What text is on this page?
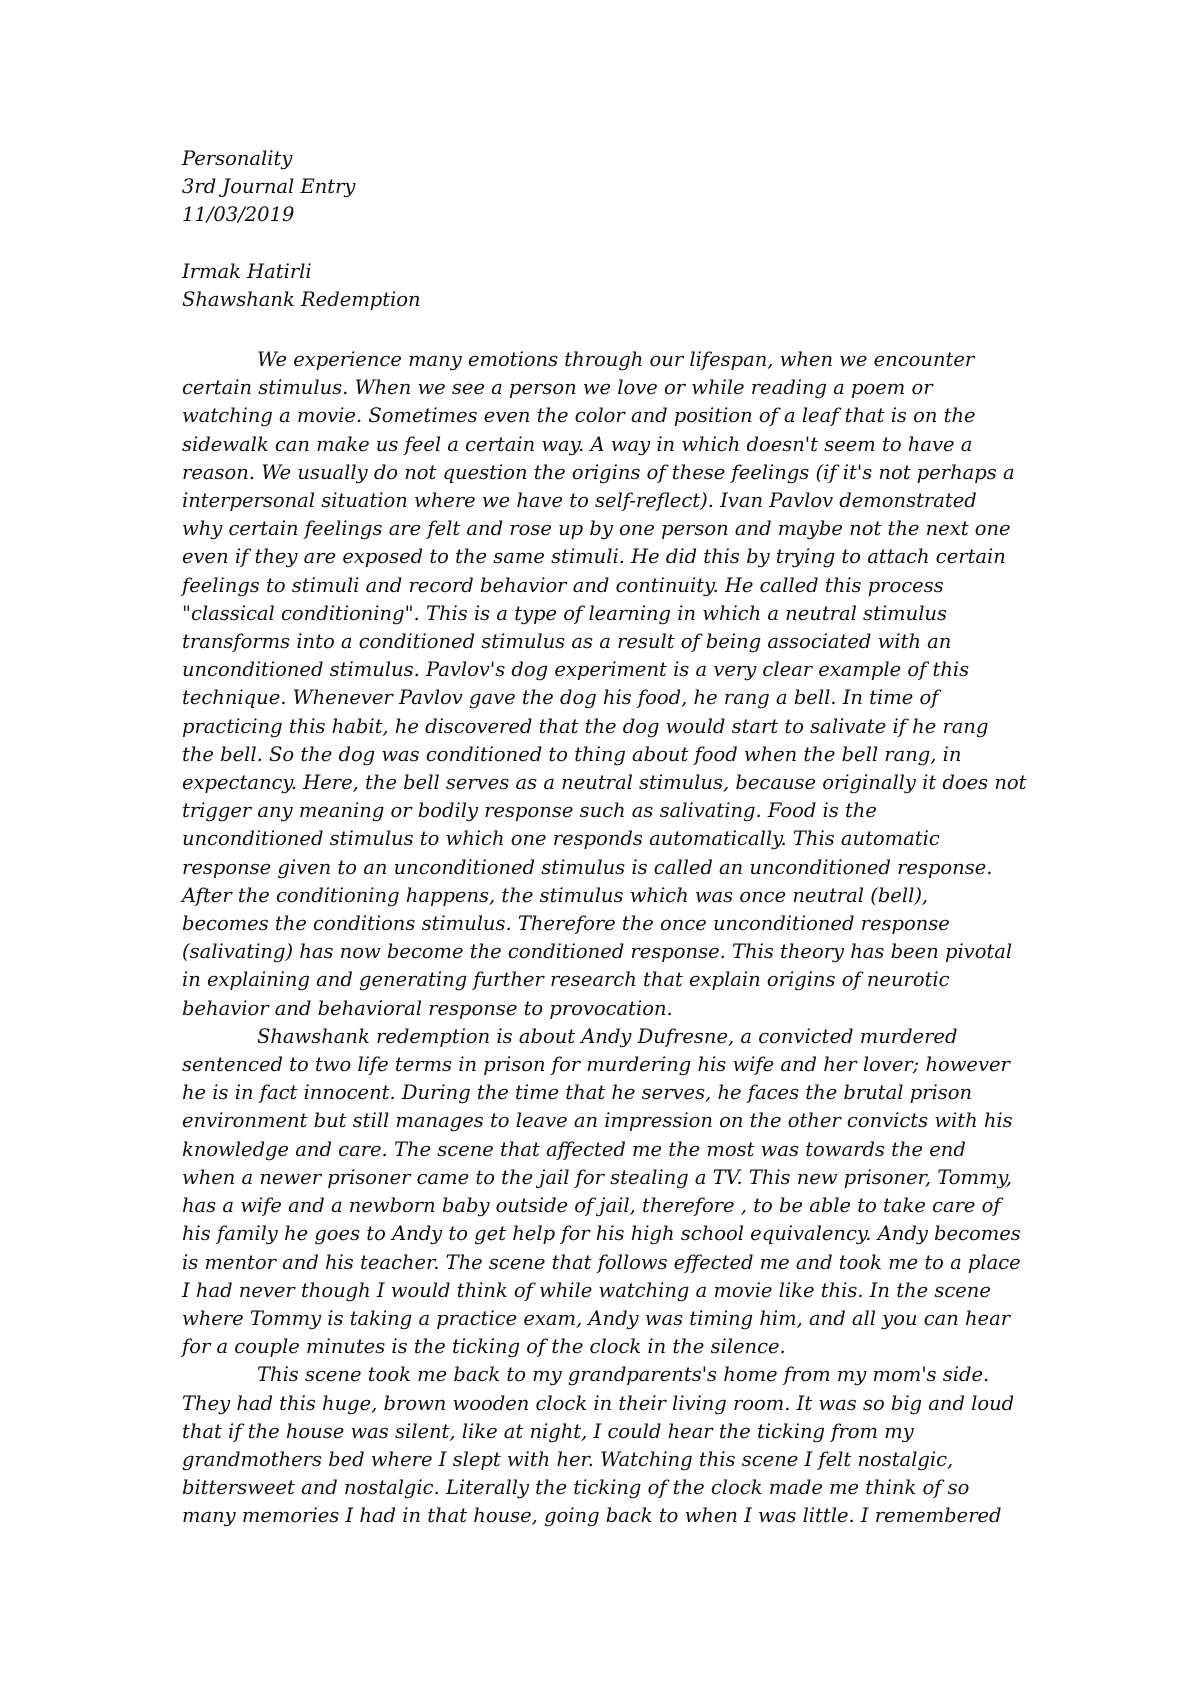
Personality
3rd Journal Entry
11/03/2019
Irmak Hatirli
Shawshank Redemption
We experience many emotions through our lifespan, when we encounter
certain stimulus. When we see a person we love or while reading a poem or
watching a movie. Sometimes even the color and position of a leaf that is on the
sidewalk can make us feel a certain way. A way in which doesn't seem to have a
reason. We usually do not question the origins of these feelings (if it's not perhaps a
interpersonal situation where we have to self-reflect). Ivan Pavlov demonstrated
why certain feelings are felt and rose up by one person and maybe not the next one
even if they are exposed to the same stimuli. He did this by trying to attach certain
feelings to stimuli and record behavior and continuity. He called this process
"classical conditioning". This is a type of learning in which a neutral stimulus
transforms into a conditioned stimulus as a result of being associated with an
unconditioned stimulus. Pavlov's dog experiment is a very clear example of this
technique. Whenever Pavlov gave the dog his food, he rang a bell. In time of
practicing this habit, he discovered that the dog would start to salivate if he rang
the bell. So the dog was conditioned to thing about food when the bell rang, in
expectancy. Here, the bell serves as a neutral stimulus, because originally it does not
trigger any meaning or bodily response such as salivating. Food is the
unconditioned stimulus to which one responds automatically. This automatic
response given to an unconditioned stimulus is called an unconditioned response.
After the conditioning happens, the stimulus which was once neutral (bell),
becomes the conditions stimulus. Therefore the once unconditioned response
(salivating) has now become the conditioned response. This theory has been pivotal
in explaining and generating further research that explain origins of neurotic
behavior and behavioral response to provocation.
Shawshank redemption is about Andy Dufresne, a convicted murdered
sentenced to two life terms in prison for murdering his wife and her lover; however
he is in fact innocent. During the time that he serves, he faces the brutal prison
environment but still manages to leave an impression on the other convicts with his
knowledge and care. The scene that affected me the most was towards the end
when a newer prisoner came to the jail for stealing a TV. This new prisoner, Tommy,
has a wife and a newborn baby outside of jail, therefore , to be able to take care of
his family he goes to Andy to get help for his high school equivalency. Andy becomes
is mentor and his teacher. The scene that follows effected me and took me to a place
I had never though I would think of while watching a movie like this. In the scene
where Tommy is taking a practice exam, Andy was timing him, and all you can hear
for a couple minutes is the ticking of the clock in the silence.
This scene took me back to my grandparents's home from my mom's side.
They had this huge, brown wooden clock in their living room. It was so big and loud
that if the house was silent, like at night, I could hear the ticking from my
grandmothers bed where I slept with her. Watching this scene I felt nostalgic,
bittersweet and nostalgic. Literally the ticking of the clock made me think of so
many memories I had in that house, going back to when I was little. I remembered
